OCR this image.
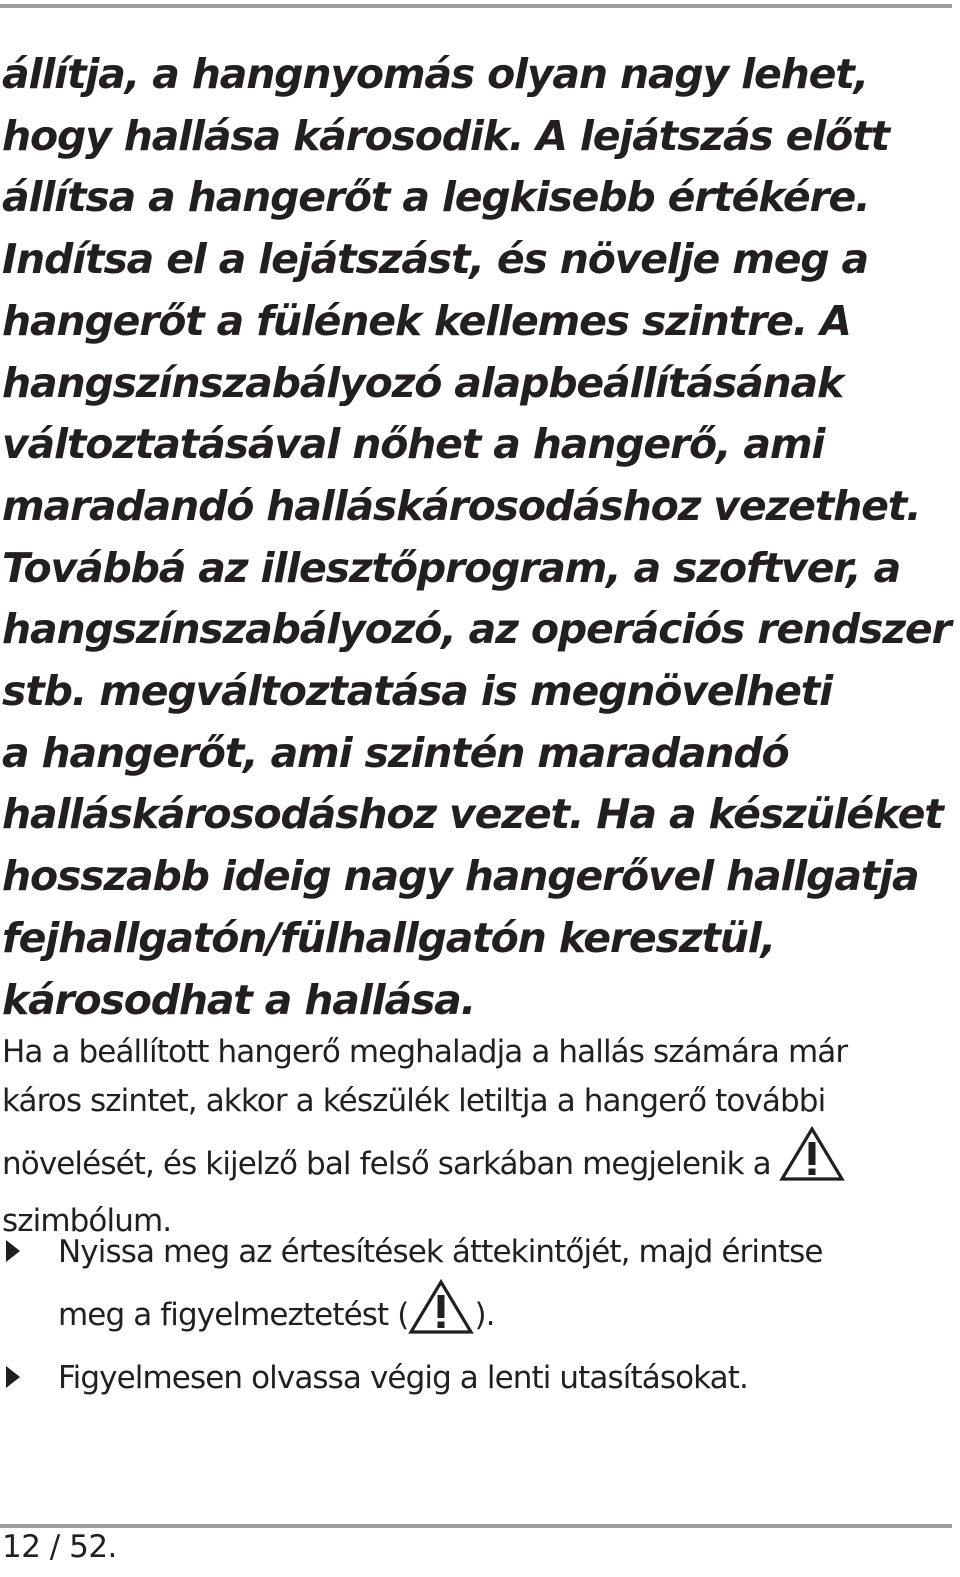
állítja, a hangnyomás olyan nagy lehet,
hogy hallása károsodik. A lejátszás előtt
állítsa a hangerőt a legkisebb értékére.
Indítsa el a lejátszást, és növelje meg a
hangerőt a fülének kellemes szintre. A
hangszínszabályozó alapbeállításának
változtatásával nőhet a hangerő, ami
maradandó halláskárosodáshoz vezethet.
Továbbá az illesztőprogram, a szoftver, a
hangszínszabályozó, az operációs rendszer
stb. megváltoztatása is megnövelheti
a hangerőt, ami szintén maradandó
halláskárosodáshoz vezet. Ha a készüléket
hosszabb ideig nagy hangerővel hallgatja
fejhallgatón/fülhallgatón keresztül,
károsodhat a hallása.

Ha a beállított hangerő meghaladja a hallás számára már
káros szintet, akkor a készülék letiltja a hangerő további
növelését, és kijelző bal felső sarkában megjelenik a
szimbólum.

Nyissa meg az értesítések áttekintőjét, majd érintse
meg a figyelmeztetést ( ).
Figyelmesen olvassa végig a lenti utasításokat.
12 / 52.
